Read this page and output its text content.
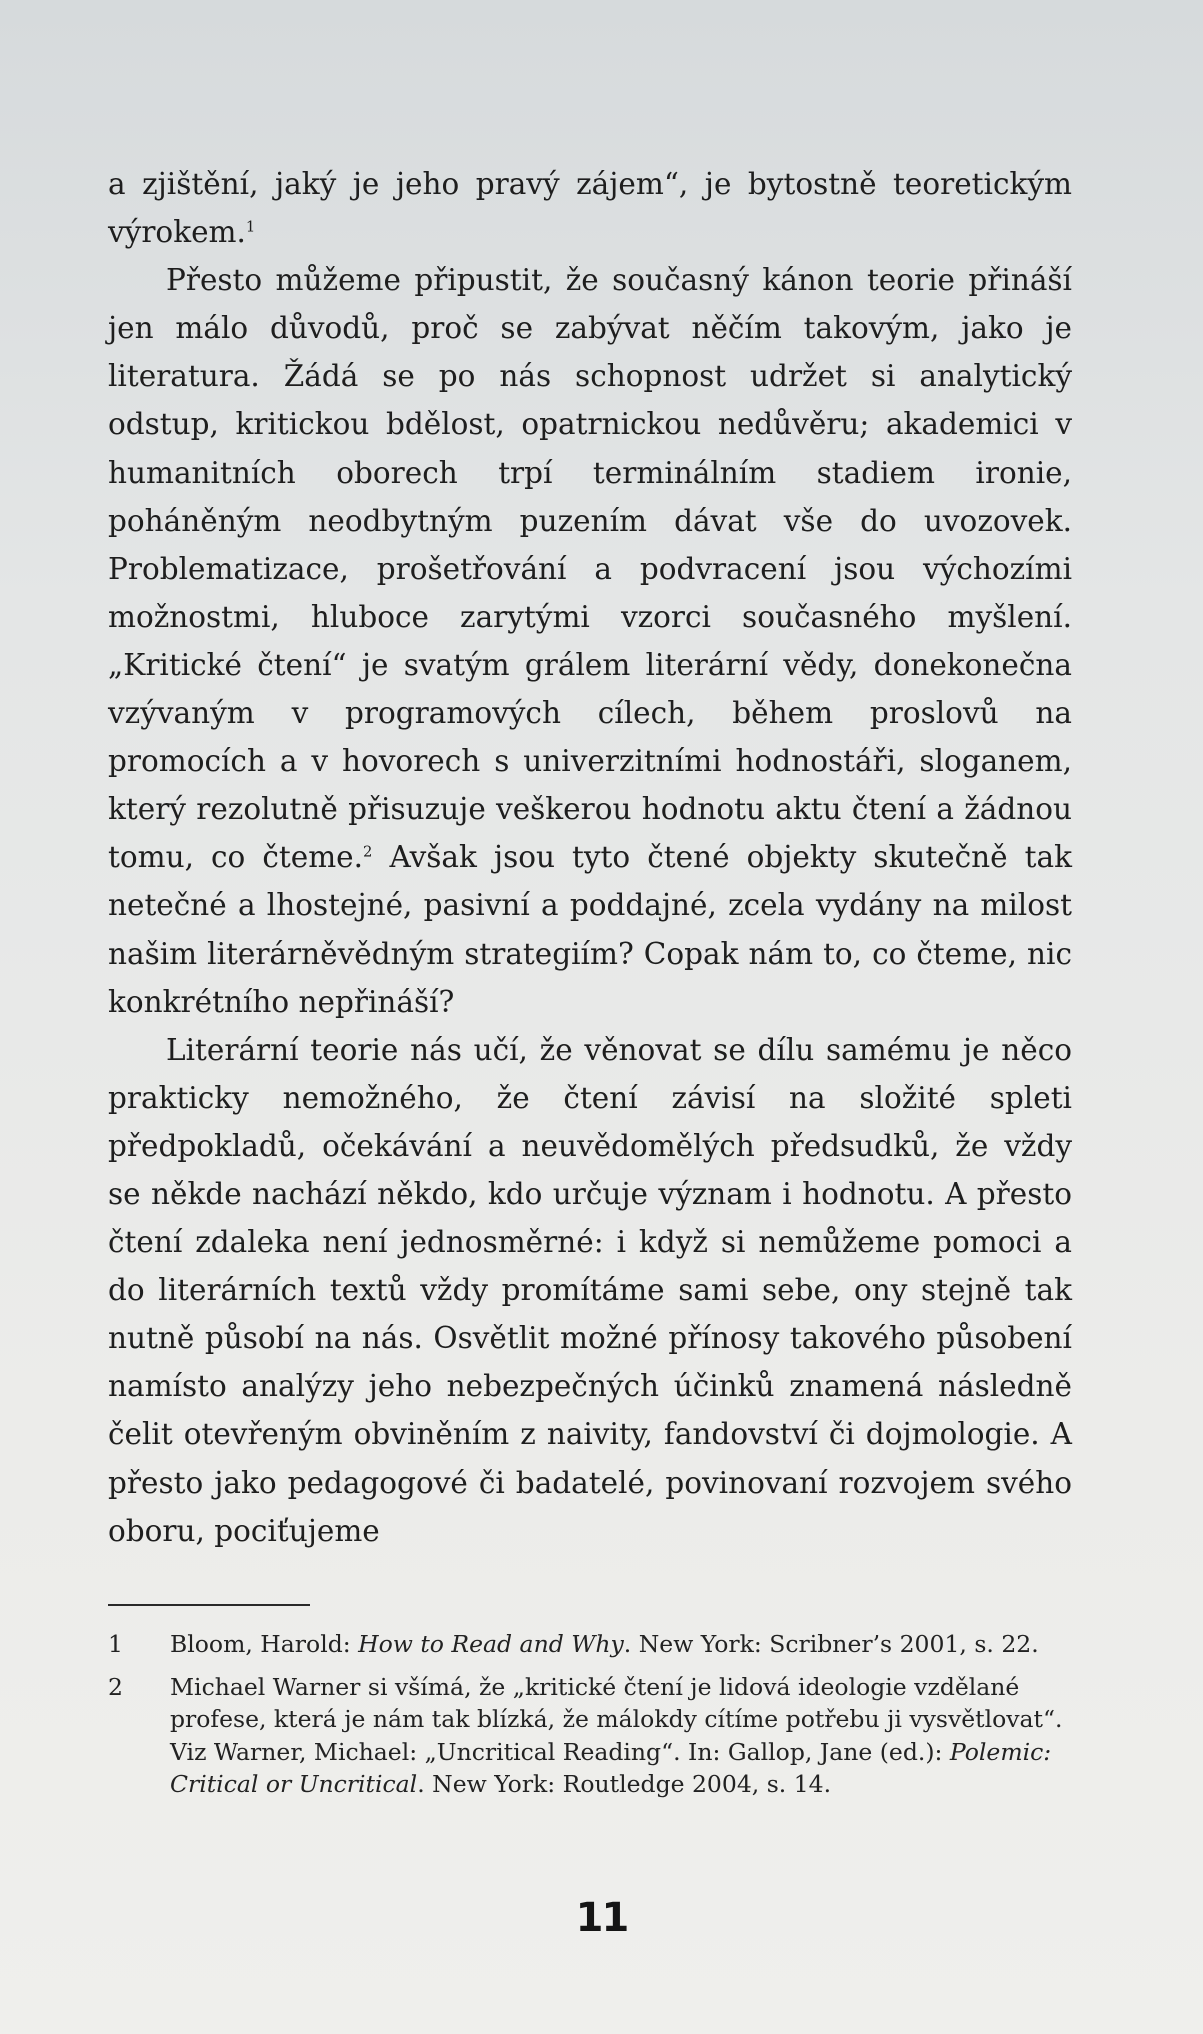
a zjištění, jaký je jeho pravý zájem“, je bytostně teoretickým výrokem.$^1$

Přesto můžeme připustit, že současný kánon teorie přináší jen málo důvodů, proč se zabývat něčím takovým, jako je literatura. Žádá se po nás schopnost udržet si analytický odstup, kritickou bdělost, opatrnickou nedůvěru; akademici v humanitních oborech trpí terminálním stadiem ironie, poháněným neodbytným puzením dávat vše do uvozovek. Problematizace, prošetřování a podvracení jsou výchozími možnostmi, hluboce zarytými vzorci současného myšlení. „Kritické čtení“ je svatým grálem literární vědy, donekonečna vzývaným v programových cílech, během proslovů na promocích a v hovorech s univerzitními hodnostáři, sloganem, který rezolutně přisuzuje veškerou hodnotu aktu čtení a žádnou tomu, co čteme.$^2$ Avšak jsou tyto čtené objekty skutečně tak netečné a lhostejné, pasivní a poddajné, zcela vydány na milost našim literárněvědným strategiím? Copak nám to, co čteme, nic konkrétního nepřináší?

Literární teorie nás učí, že věnovat se dílu samému je něco prakticky nemožného, že čtení závisí na složité spleti předpokladů, očekávání a neuvědomělých předsudků, že vždy se někde nachází někdo, kdo určuje význam i hodnotu. A přesto čtení zdaleka není jednosměrné: i když si nemůžeme pomoci a do literárních textů vždy promítáme sami sebe, ony stejně tak nutně působí na nás. Osvětlit možné přínosy takového působení namísto analýzy jeho nebezpečných účinků znamená následně čelit otevřeným obviněním z naivity, fandovství či dojmologie. A přesto jako pedagogové či badatelé, povinovaní rozvojem svého oboru, pociťujeme

1	Bloom, Harold: How to Read and Why. New York: Scribner’s 2001, s. 22.
2	Michael Warner si všímá, že „kritické čtení je lidová ideologie vzdělané profese, která je nám tak blízká, že málokdy cítíme potřebu ji vysvětlovat“. Viz Warner, Michael: „Uncritical Reading“. In: Gallop, Jane (ed.): Polemic: Critical or Uncritical. New York: Routledge 2004, s. 14.
11
